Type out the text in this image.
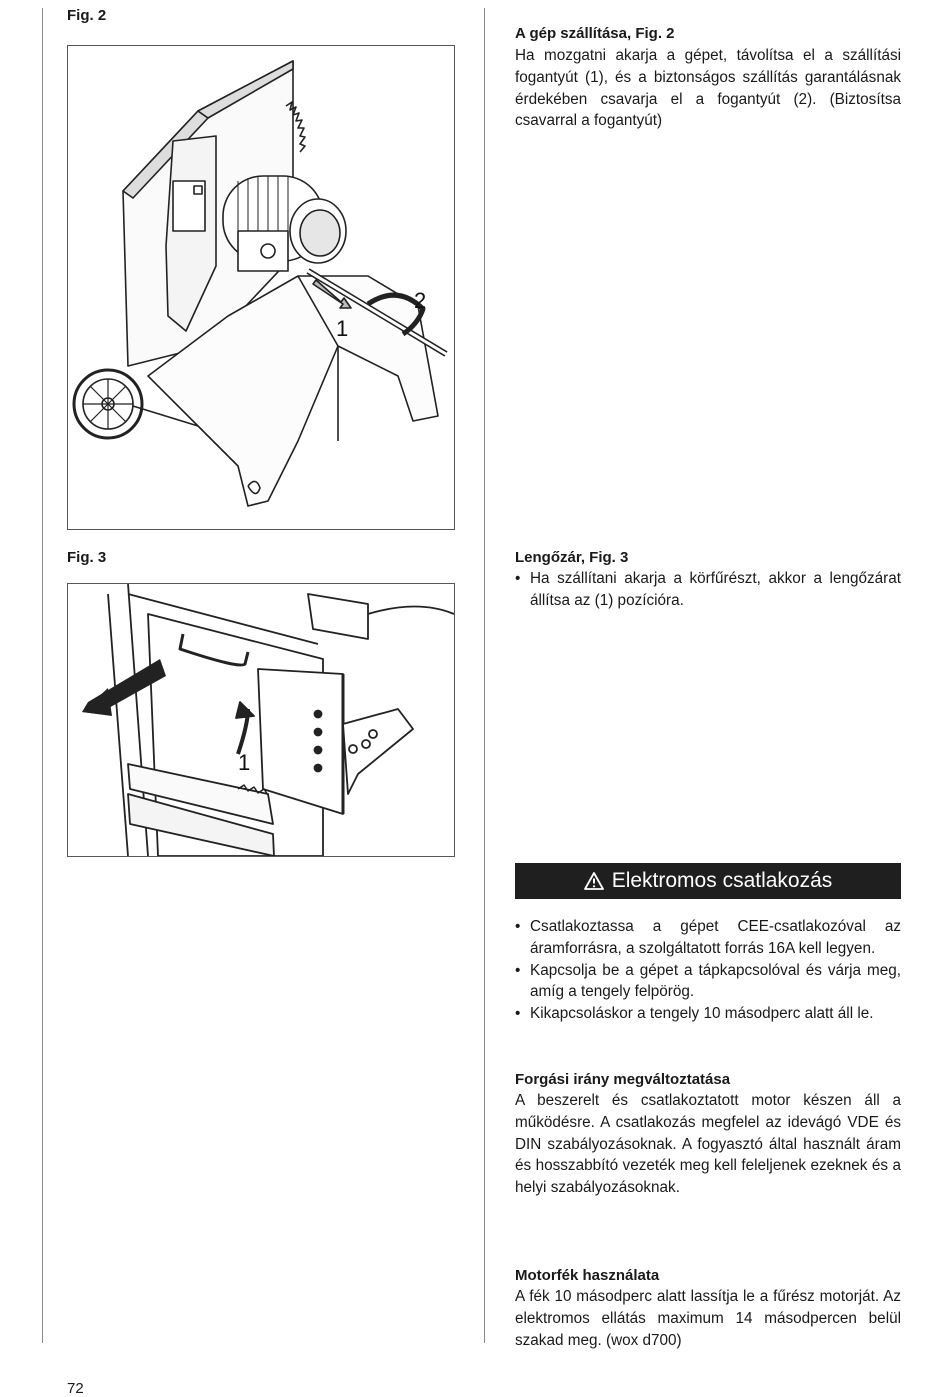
Fig. 2
1
2
Fig. 3
1
A gép szállítása, Fig. 2

Ha mozgatni akarja a gépet, távolítsa el a szállítási fogantyút (1), és a biztonságos szállítás garantálásnak érdekében csavarja el a fogantyút (2). (Biztosítsa csavarral a fogantyút)

Lengőzár, Fig. 3
• Ha szállítani akarja a körfűrészt, akkor a lengőzárat állítsa az (1) pozícióra.
Elektromos csatlakozás
• Csatlakoztassa a gépet CEE-csatlakozóval az áramforrásra, a szolgáltatott forrás 16A kell legyen.
• Kapcsolja be a gépet a tápkapcsolóval és várja meg, amíg a tengely felpörög.
• Kikapcsoláskor a tengely 10 másodperc alatt áll le.
Forgási irány megváltoztatása

A beszerelt és csatlakoztatott motor készen áll a működésre. A csatlakozás megfelel az idevágó VDE és DIN szabályozásoknak. A fogyasztó által használt áram és hosszabbító vezeték meg kell feleljenek ezeknek és a helyi szabályozásoknak.

Motorfék használata

A fék 10 másodperc alatt lassítja le a fűrész motorját. Az elektromos ellátás maximum 14 másodpercen belül szakad meg. (wox d700)

72
